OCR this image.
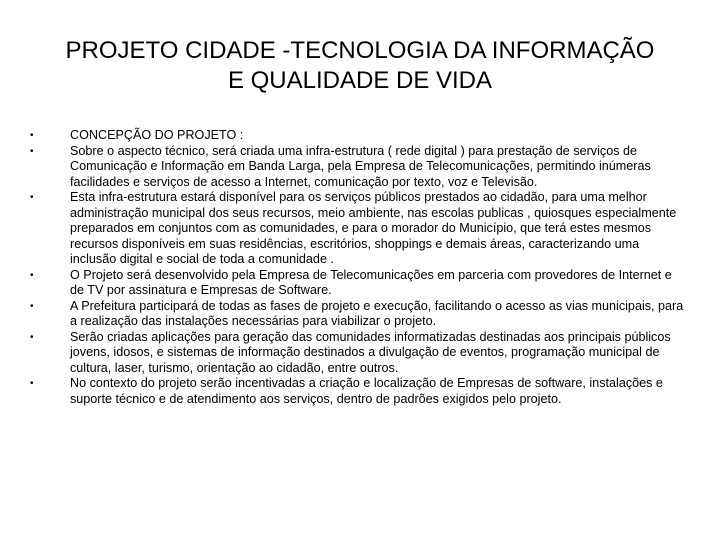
PROJETO CIDADE -TECNOLOGIA DA INFORMAÇÃO
E QUALIDADE DE VIDA
•	CONCEPÇÃO DO PROJETO :
•	Sobre o aspecto técnico, será criada uma infra-estrutura ( rede digital ) para prestação de serviços de Comunicação e Informação em Banda Larga, pela Empresa de Telecomunicações, permitindo inúmeras facilidades e serviços de acesso a Internet, comunicação por texto, voz e Televisão.
•	Esta infra-estrutura estará disponível para os serviços públicos prestados ao cidadão, para uma melhor administração municipal dos seus recursos, meio ambiente, nas escolas publicas , quiosques especialmente preparados em conjuntos com as comunidades, e para o morador do Município, que terá estes mesmos recursos disponíveis em suas residências, escritórios, shoppings e demais áreas, caracterizando uma inclusão digital e social de toda a comunidade .
•	O Projeto será desenvolvido pela Empresa de Telecomunicações em parceria com provedores de Internet e de TV por assinatura e Empresas de Software.
•	A Prefeitura participará de todas as fases de projeto e execução, facilitando o acesso as vias municipais, para a realização das instalações necessárias para viabilizar o projeto.
•	Serão criadas aplicações para geração das comunidades informatizadas destinadas aos principais públicos jovens, idosos, e sistemas de informação destinados a divulgação de eventos, programação municipal de cultura, laser, turismo, orientação ao cidadão, entre outros.
•	No contexto do projeto serão incentivadas a criação e localização de Empresas de software, instalações e suporte técnico e de atendimento aos serviços, dentro de padrões exigidos pelo projeto.
